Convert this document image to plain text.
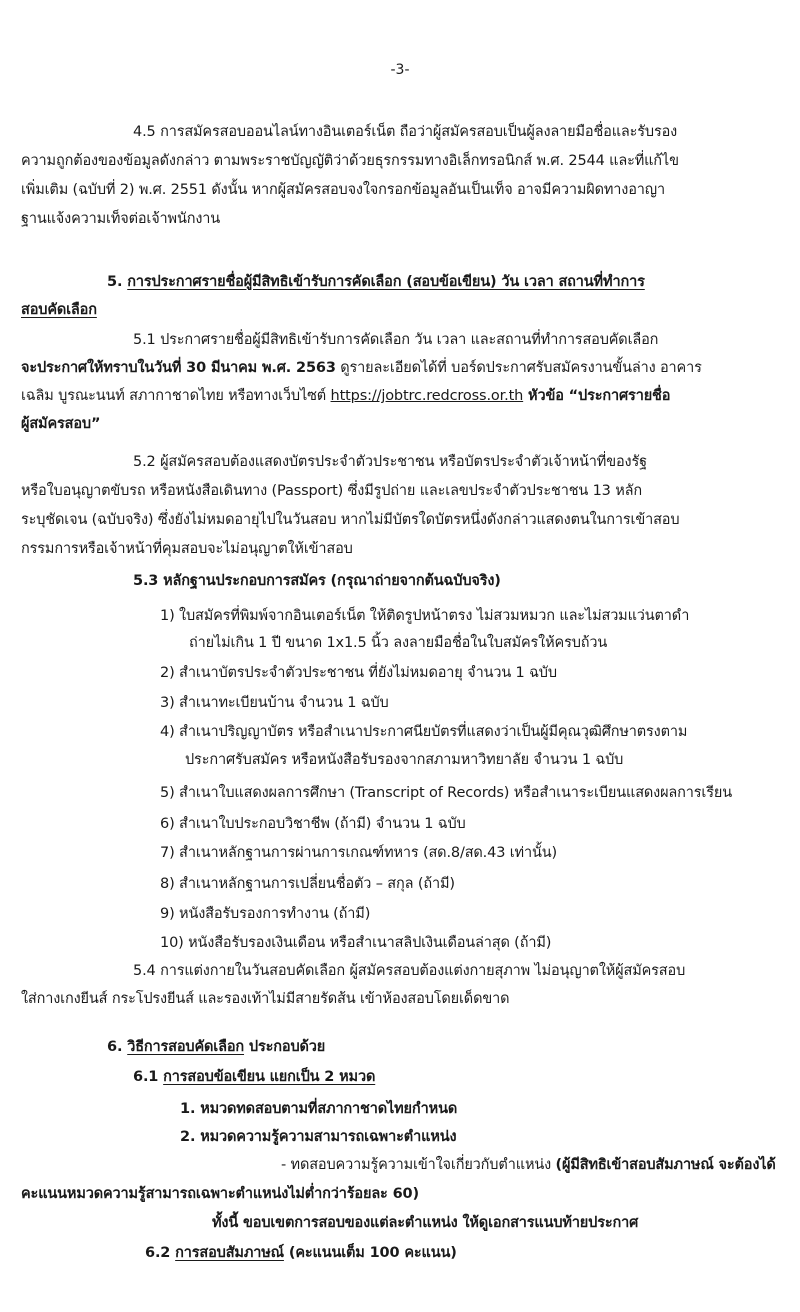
-3-
4.5 การสมัครสอบออนไลน์ทางอินเตอร์เน็ต ถือว่าผู้สมัครสอบเป็นผู้ลงลายมือชื่อและรับรอง
ความถูกต้องของข้อมูลดังกล่าว ตามพระราชบัญญัติว่าด้วยธุรกรรมทางอิเล็กทรอนิกส์ พ.ศ. 2544 และที่แก้ไข
เพิ่มเติม (ฉบับที่ 2) พ.ศ. 2551 ดังนั้น หากผู้สมัครสอบจงใจกรอกข้อมูลอันเป็นเท็จ อาจมีความผิดทางอาญา
ฐานแจ้งความเท็จต่อเจ้าพนักงาน
5. การประกาศรายชื่อผู้มีสิทธิเข้ารับการคัดเลือก (สอบข้อเขียน) วัน เวลา สถานที่ทำการ
สอบคัดเลือก
5.1 ประกาศรายชื่อผู้มีสิทธิเข้ารับการคัดเลือก วัน เวลา และสถานที่ทำการสอบคัดเลือก
จะประกาศให้ทราบในวันที่ 30 มีนาคม พ.ศ. 2563 ดูรายละเอียดได้ที่ บอร์ดประกาศรับสมัครงานขั้นล่าง อาคาร
เฉลิม บูรณะนนท์ สภากาชาดไทย หรือทางเว็บไซต์ https://jobtrc.redcross.or.th หัวข้อ “ประกาศรายชื่อ
ผู้สมัครสอบ”
5.2 ผู้สมัครสอบต้องแสดงบัตรประจำตัวประชาชน หรือบัตรประจำตัวเจ้าหน้าที่ของรัฐ
หรือใบอนุญาตขับรถ หรือหนังสือเดินทาง (Passport) ซึ่งมีรูปถ่าย และเลขประจำตัวประชาชน 13 หลัก
ระบุชัดเจน (ฉบับจริง) ซึ่งยังไม่หมดอายุไปในวันสอบ หากไม่มีบัตรใดบัตรหนึ่งดังกล่าวแสดงตนในการเข้าสอบ
กรรมการหรือเจ้าหน้าที่คุมสอบจะไม่อนุญาตให้เข้าสอบ
5.3 หลักฐานประกอบการสมัคร (กรุณาถ่ายจากต้นฉบับจริง)
1) ใบสมัครที่พิมพ์จากอินเตอร์เน็ต ให้ติดรูปหน้าตรง ไม่สวมหมวก และไม่สวมแว่นตาดำ
ถ่ายไม่เกิน 1 ปี ขนาด 1x1.5 นิ้ว ลงลายมือชื่อในใบสมัครให้ครบถ้วน
2) สำเนาบัตรประจำตัวประชาชน ที่ยังไม่หมดอายุ จำนวน 1 ฉบับ
3) สำเนาทะเบียนบ้าน จำนวน 1 ฉบับ
4) สำเนาปริญญาบัตร หรือสำเนาประกาศนียบัตรที่แสดงว่าเป็นผู้มีคุณวุฒิศึกษาตรงตาม
ประกาศรับสมัคร หรือหนังสือรับรองจากสภามหาวิทยาลัย จำนวน 1 ฉบับ
5) สำเนาใบแสดงผลการศึกษา (Transcript of Records) หรือสำเนาระเบียนแสดงผลการเรียน
6) สำเนาใบประกอบวิชาชีพ (ถ้ามี) จำนวน 1 ฉบับ
7) สำเนาหลักฐานการผ่านการเกณฑ์ทหาร (สด.8/สด.43 เท่านั้น)
8) สำเนาหลักฐานการเปลี่ยนชื่อตัว – สกุล (ถ้ามี)
9) หนังสือรับรองการทำงาน (ถ้ามี)
10) หนังสือรับรองเงินเดือน หรือสำเนาสลิปเงินเดือนล่าสุด (ถ้ามี)
5.4 การแต่งกายในวันสอบคัดเลือก ผู้สมัครสอบต้องแต่งกายสุภาพ ไม่อนุญาตให้ผู้สมัครสอบ
ใส่กางเกงยีนส์ กระโปรงยีนส์ และรองเท้าไม่มีสายรัดส้น เข้าห้องสอบโดยเด็ดขาด
6. วิธีการสอบคัดเลือก ประกอบด้วย
6.1 การสอบข้อเขียน แยกเป็น 2 หมวด
1. หมวดทดสอบตามที่สภากาชาดไทยกำหนด
2. หมวดความรู้ความสามารถเฉพาะตำแหน่ง
- ทดสอบความรู้ความเข้าใจเกี่ยวกับตำแหน่ง (ผู้มีสิทธิเข้าสอบสัมภาษณ์ จะต้องได้
คะแนนหมวดความรู้สามารถเฉพาะตำแหน่งไม่ต่ำกว่าร้อยละ 60)
ทั้งนี้ ขอบเขตการสอบของแต่ละตำแหน่ง ให้ดูเอกสารแนบท้ายประกาศ
6.2 การสอบสัมภาษณ์ (คะแนนเต็ม 100 คะแนน)
